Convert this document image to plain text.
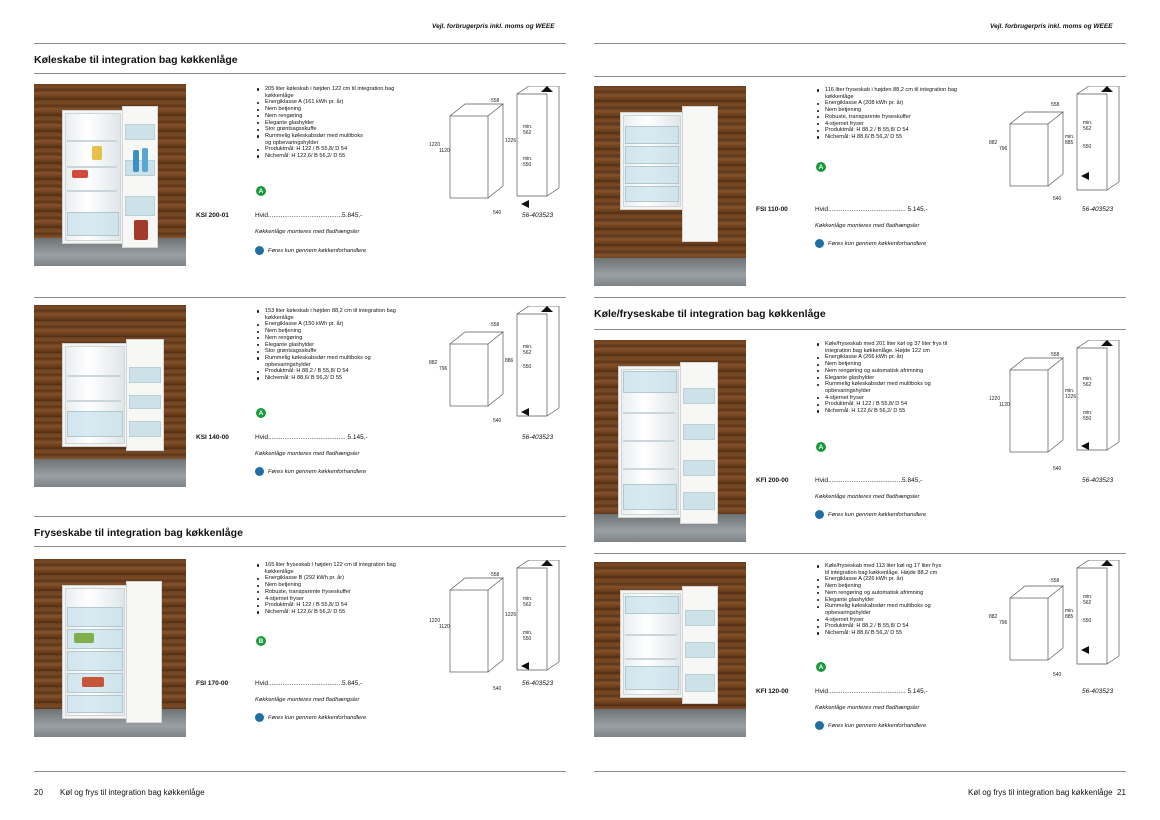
Vejl. forbrugerpris inkl. moms og WEEE
Køleskabe til integration bag køkkenlåge
205 liter køleskab i højden 122 cm til integration bag
køkkenlåge
Energiklasse A (161 kWh pr. år)
Nem betjening
Nem rengøring
Elegante glashylder
Stor grøntsagsskuffe
Rummelig køleskabsdør med multiboks
og opbevaringshylder
Produktmål: H 122 / B 55,8/ D 54
Nichemål: H 122,6/ B 56,2/ D 55
A
KSI 200-01	Hvid.........................................5.845,-	56-403523
Køkkenlåge monteres med fladhængsler
Føres kun gennem køkkenforhandlere
558
1220
1120
min.
562
1226
min.
550
540
153 liter køleskab i højden 88,2 cm til integration bag
køkkenlåge
Energiklasse A (150 kWh pr. år)
Nem betjening
Nem rengøring
Elegante glashylder
Stor grøntsagsskuffe
Rummelig køleskabsdør med multiboks og
opbevaringshylder
Produktmål: H 88,2 / B 55,8/ D 54
Nichemål: H 88,6/ B 56,2/ D 55
A
KSI 140-00	Hvid........................................... 5.145,-	56-403523
Køkkenlåge monteres med fladhængsler
Føres kun gennem køkkenforhandlere
558
882
796
min.
562
886
550
540
Fryseskabe til integration bag køkkenlåge
165 liter fryseskab i højden 122 cm til integration bag
køkkenlåge
Energiklasse B (292 kWh pr. år)
Nem betjening
Robuste, transparente fryseskuffer
4-stjernet fryser
Produktmål: H 122 / B 55,8/ D 54
Nichemål: H 122,6/ B 56,2/ D 55
B
FSI 170-00	Hvid.........................................5.845,-	56-403523
Køkkenlåge monteres med fladhængsler
Føres kun gennem køkkenforhandlere
558
1220
1120
min.
562
1226
min.
550
540
20 Køl og frys til integration bag køkkenlåge
Vejl. forbrugerpris inkl. moms og WEEE
116 liter fryseskab i højden 88,2 cm til integration bag
køkkenlåge
Energiklasse A (208 kWh pr. år)
Nem betjening
Robuste, transparente fryseskuffer
4-stjernet fryser
Produktmål: H 88,2 / B 55,8/ D 54
Nichemål: H 88,6/ B 56,2/ D 55
A
FSI 110-00	Hvid........................................... 5.145,-	56-403523
Køkkenlåge monteres med fladhængsler
Føres kun gennem køkkenforhandlere
558
882
796
min.
562
min.
885
550
540
Køle/fryseskabe til integration bag køkkenlåge
Køle/fryseskab med 201 liter køl og 37 liter frys til
integration bag køkkenlåge. Højde 122 cm
Energiklasse A (266 kWh pr. år)
Nem betjening
Nem rengøring og automatisk afrimning
Elegante glashylder
Rummelig køleskabsdør med multiboks og
opbevaringshylder
4-stjernet fryser
Produktmål: H 122 / B 55,8/ D 54
Nichemål: H 122,6/ B 56,2/ D 55
A
KFI 200-00	Hvid.........................................5.845,-	56-403523
Køkkenlåge monteres med fladhængsler
Føres kun gennem køkkenforhandlere
558
1220
1120
min.
562
min.
1226
min.
550
540
Køle/fryseskab med 113 liter køl og 17 liter frys
til integration bag køkkenlåge. Højde 88,2 cm
Energiklasse A (226 kWh pr. år)
Nem betjening
Nem rengøring og automatisk afrimning
Elegante glashylder
Rummelig køleskabsdør med multiboks og
opbevaringshylder
4-stjernet fryser
Produktmål: H 88,2 / B 55,8/ D 54
Nichemål: H 88,6/ B 56,2/ D 55
A
KFI 120-00	Hvid........................................... 5.145,-	56-403523
Køkkenlåge monteres med fladhængsler
Føres kun gennem køkkenforhandlere
558
882
796
min.
562
min.
885
550
540
Køl og frys til integration bag køkkenlåge 21
